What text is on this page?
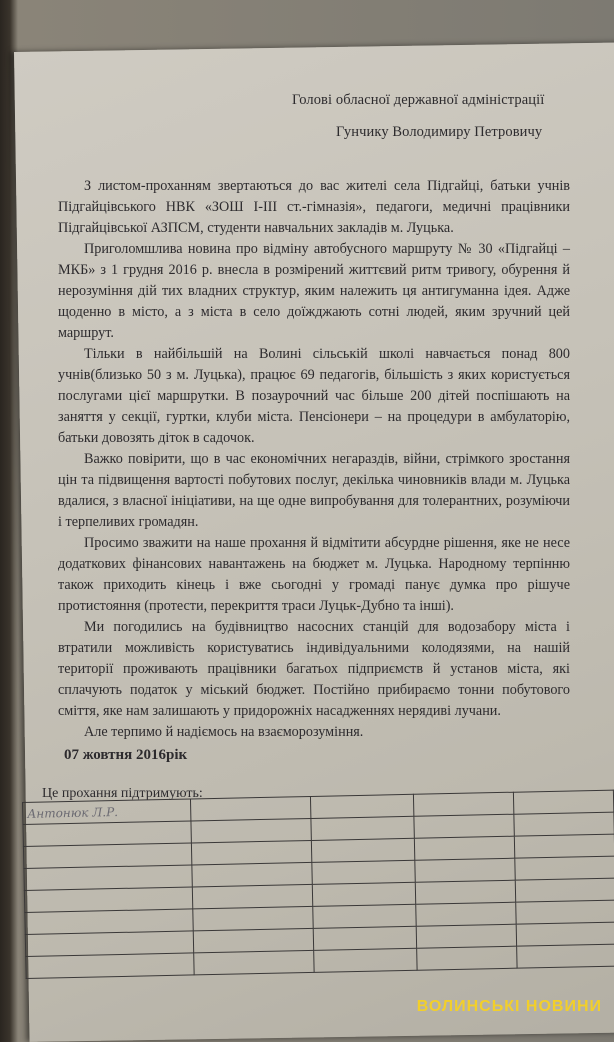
Голові обласної державної адміністрації
Гунчику Володимиру Петровичу

З листом-проханням звертаються до вас жителі села Підгайці, батьки учнів Підгайцівського НВК «ЗОШ І-ІІІ ст.-гімназія», педагоги, медичні працівники Підгайцівської АЗПСМ, студенти навчальних закладів м. Луцька.

Приголомшлива новина про відміну автобусного маршруту № 30 «Підгайці – МКБ» з 1 грудня 2016 р. внесла в розмірений життєвий ритм тривогу, обурення й нерозуміння дій тих владних структур, яким належить ця антигуманна ідея. Адже щоденно в місто, а з міста в село доїжджають сотні людей, яким зручний цей маршрут.

Тільки в найбільшій на Волині сільській школі навчається понад 800 учнів(близько 50 з м. Луцька), працює 69 педагогів, більшість з яких користується послугами цієї маршрутки. В позаурочний час більше 200 дітей поспішають на заняття у секції, гуртки, клуби міста. Пенсіонери – на процедури в амбулаторію, батьки довозять діток в садочок.

Важко повірити, що в час економічних негараздів, війни, стрімкого зростання цін та підвищення вартості побутових послуг, декілька чиновників влади м. Луцька вдалися, з власної ініціативи, на ще одне випробування для толерантних, розуміючи і терпеливих громадян.

Просимо зважити на наше прохання й відмітити абсурдне рішення, яке не несе додаткових фінансових навантажень на бюджет м. Луцька. Народному терпінню також приходить кінець і вже сьогодні у громаді панує думка про рішуче протистояння (протести, перекриття траси Луцьк-Дубно та інші).

Ми погодились на будівництво насосних станцій для водозабору міста і втратили можливість користуватись індивідуальними колодязями, на нашій території проживають працівники багатьох підприємств й установ міста, які сплачують податок у міський бюджет. Постійно прибираємо тонни побутового сміття, яке нам залишають у придорожніх насадженнях нерядиві лучани.

Але терпимо й надіємось на взаєморозуміння.

07 жовтня 2016рік
Це прохання підтримують:
Антонюк Л.Р.				

ВОЛИНСЬКІ НОВИНИ
